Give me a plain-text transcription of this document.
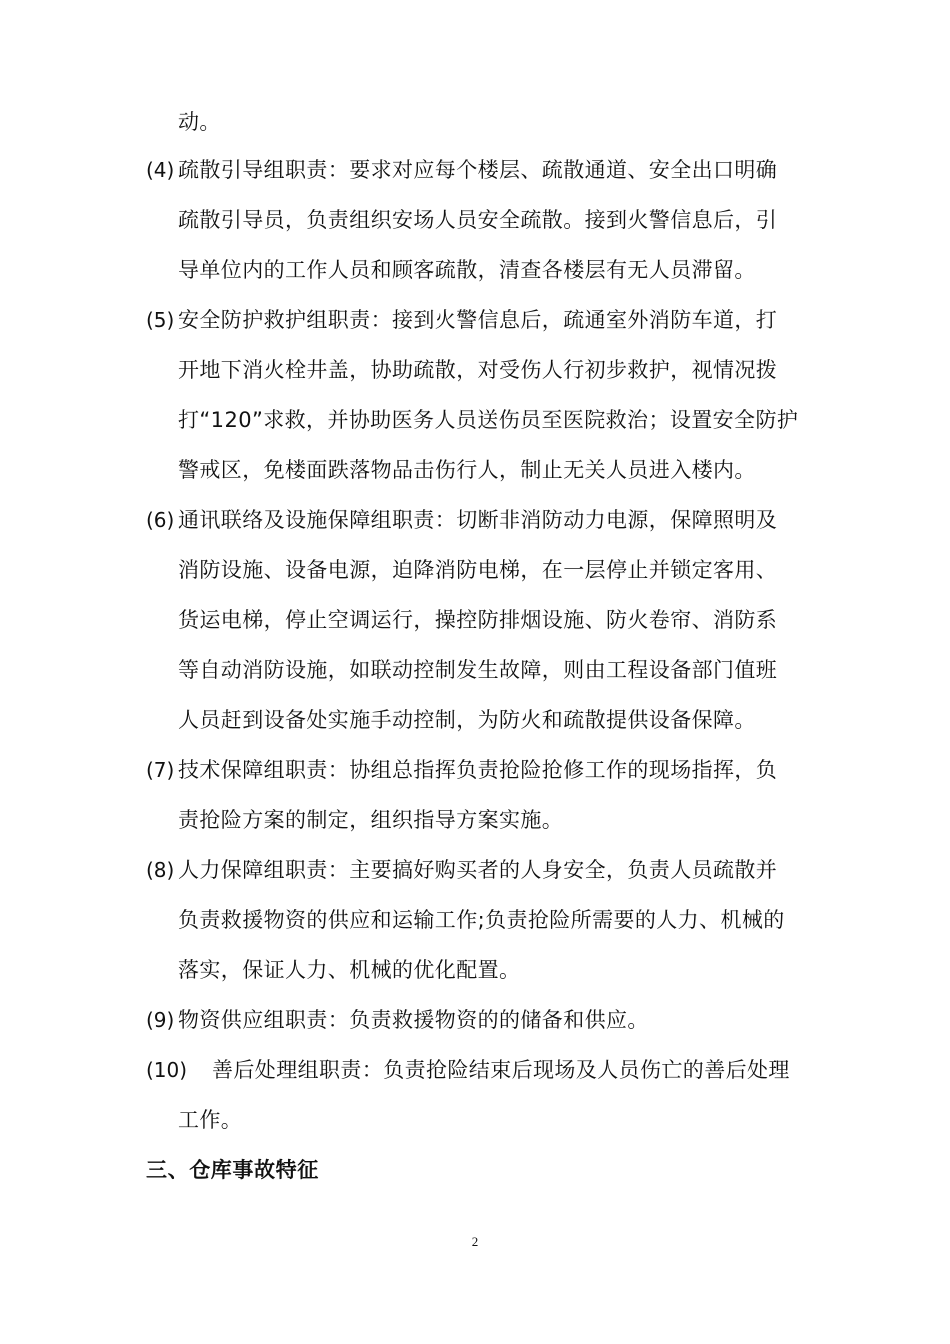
动。
(4) 疏散引导组职责：要求对应每个楼层、疏散通道、安全出口明确
疏散引导员，负责组织安场人员安全疏散。接到火警信息后，引
导单位内的工作人员和顾客疏散，清查各楼层有无人员滞留。
(5) 安全防护救护组职责：接到火警信息后，疏通室外消防车道，打
开地下消火栓井盖，协助疏散，对受伤人行初步救护，视情况拨
打“120”求救，并协助医务人员送伤员至医院救治；设置安全防护
警戒区，免楼面跌落物品击伤行人，制止无关人员进入楼内。
(6) 通讯联络及设施保障组职责：切断非消防动力电源，保障照明及
消防设施、设备电源，迫降消防电梯，在一层停止并锁定客用、
货运电梯，停止空调运行，操控防排烟设施、防火卷帘、消防系
等自动消防设施，如联动控制发生故障，则由工程设备部门值班
人员赶到设备处实施手动控制，为防火和疏散提供设备保障。
(7) 技术保障组职责：协组总指挥负责抢险抢修工作的现场指挥，负
责抢险方案的制定，组织指导方案实施。
(8) 人力保障组职责：主要搞好购买者的人身安全，负责人员疏散并
负责救援物资的供应和运输工作;负责抢险所需要的人力、机械的
落实，保证人力、机械的优化配置。
(9) 物资供应组职责：负责救援物资的的储备和供应。
(10) 善后处理组职责：负责抢险结束后现场及人员伤亡的善后处理
工作。
三、仓库事故特征
2
